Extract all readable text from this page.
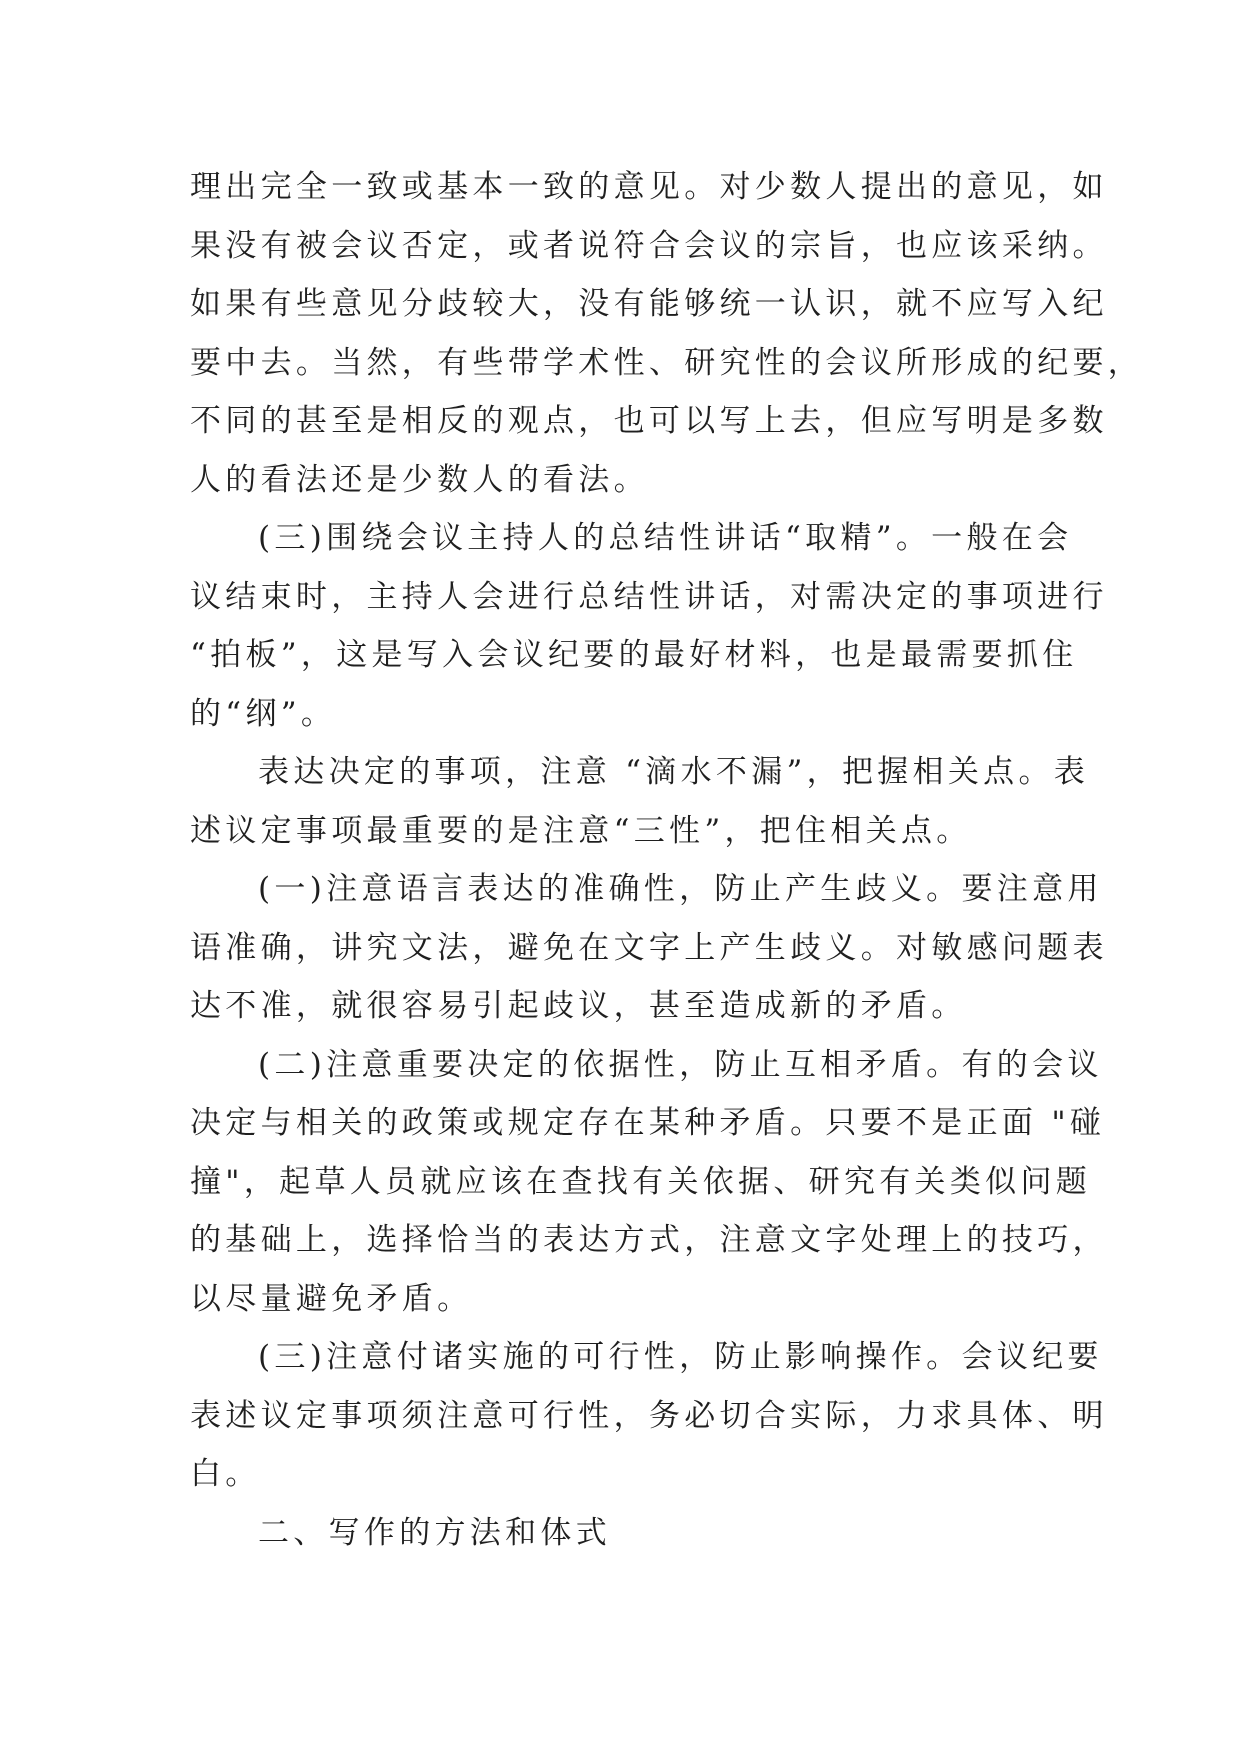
理出完全一致或基本一致的意见。对少数人提出的意见，如
果没有被会议否定，或者说符合会议的宗旨，也应该采纳。
如果有些意见分歧较大，没有能够统一认识，就不应写入纪
要中去。当然，有些带学术性、研究性的会议所形成的纪要，
不同的甚至是相反的观点，也可以写上去，但应写明是多数
人的看法还是少数人的看法。
(三)围绕会议主持人的总结性讲话“取精”。一般在会
议结束时，主持人会进行总结性讲话，对需决定的事项进行
“拍板”，这是写入会议纪要的最好材料，也是最需要抓住
的“纲”。
表达决定的事项，注意 “滴水不漏”，把握相关点。表
述议定事项最重要的是注意“三性”，把住相关点。
(一)注意语言表达的准确性，防止产生歧义。要注意用
语准确，讲究文法，避免在文字上产生歧义。对敏感问题表
达不准，就很容易引起歧议，甚至造成新的矛盾。
(二)注意重要决定的依据性，防止互相矛盾。有的会议
决定与相关的政策或规定存在某种矛盾。只要不是正面 "碰
撞"，起草人员就应该在查找有关依据、研究有关类似问题
的基础上，选择恰当的表达方式，注意文字处理上的技巧，
以尽量避免矛盾。
(三)注意付诸实施的可行性，防止影响操作。会议纪要
表述议定事项须注意可行性，务必切合实际，力求具体、明
白。
二、写作的方法和体式
